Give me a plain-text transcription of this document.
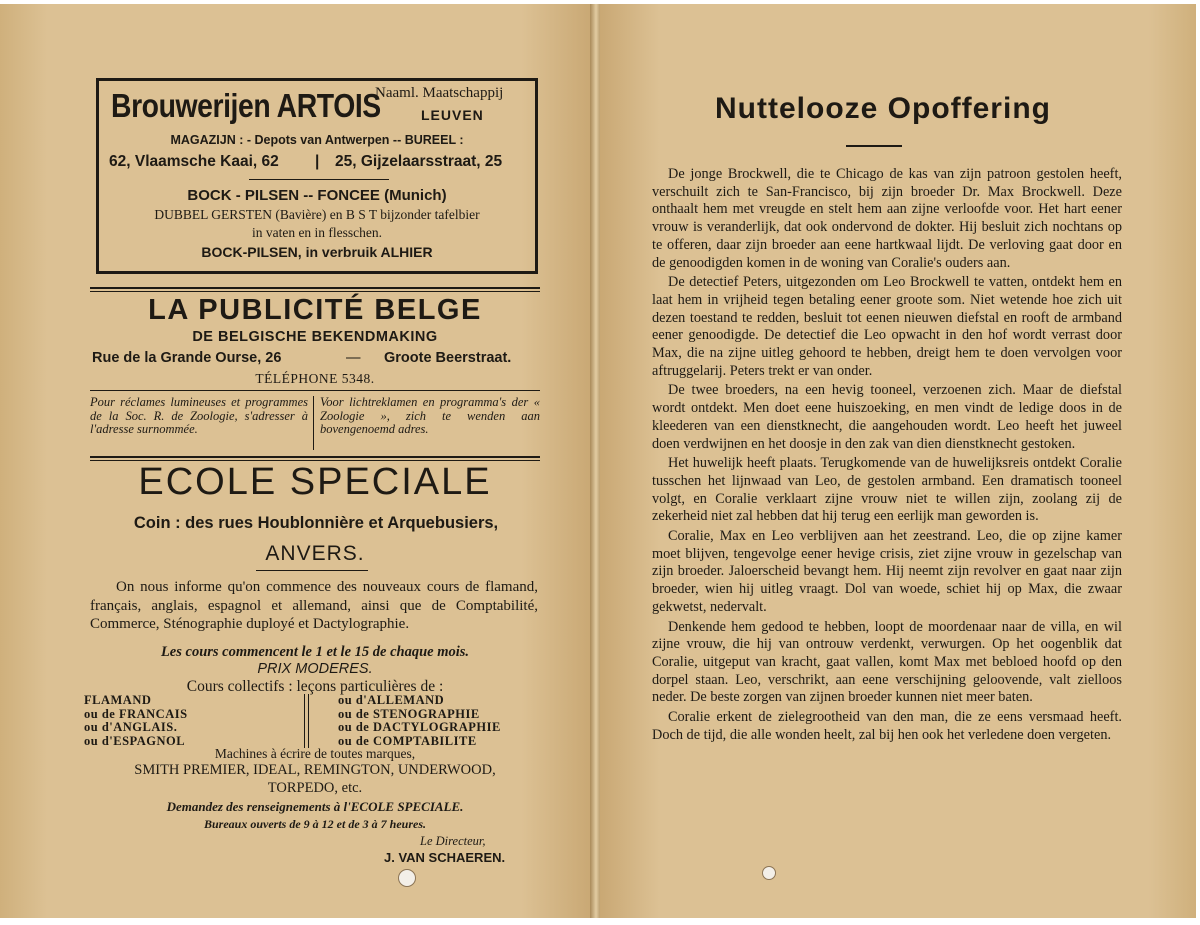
Brouwerijen ARTOIS
Naaml. Maatschappij
LEUVEN
MAGAZIJN : - Depots van Antwerpen -- BUREEL :
62, Vlaamsche Kaai, 62 | 25, Gijzelaarsstraat, 25
BOCK - PILSEN -- FONCEE (Munich)
DUBBEL GERSTEN (Bavière) en B S T bijzonder tafelbier
in vaten en in flesschen.
BOCK-PILSEN, in verbruik ALHIER
LA PUBLICITÉ BELGE
DE BELGISCHE BEKENDMAKING
Rue de la Grande Ourse, 26	— Groote Beerstraat.
TÉLÉPHONE 5348.
Pour réclames lumineuses et programmes de la Soc. R. de Zoologie, s'adresser à l'adresse surnommée.
Voor lichtreklamen en programma's der « Zoologie », zich te wenden aan bovengenoemd adres.
ECOLE SPECIALE
Coin : des rues Houblonnière et Arquebusiers,
ANVERS.
On nous informe qu'on commence des nouveaux cours de flamand, français, anglais, espagnol et allemand, ainsi que de Comptabilité, Commerce, Sténographie duployé et Dactylographie.
Les cours commencent le 1 et le 15 de chaque mois.
PRIX MODERES.
Cours collectifs : leçons particulières de :
FLAMAND
ou de FRANCAIS
ou d'ANGLAIS.
ou d'ESPAGNOL
ou d'ALLEMAND
ou de STENOGRAPHIE
ou de DACTYLOGRAPHIE
ou de COMPTABILITE
Machines à écrire de toutes marques,
SMITH PREMIER, IDEAL, REMINGTON, UNDERWOOD,
TORPEDO, etc.
Demandez des renseignements à l'ECOLE SPECIALE.
Bureaux ouverts de 9 à 12 et de 3 à 7 heures.
Le Directeur,
J. VAN SCHAEREN.
Nuttelooze Opoffering

De jonge Brockwell, die te Chicago de kas van zijn patroon gestolen heeft, verschuilt zich te San-Francisco, bij zijn broeder Dr. Max Brockwell. Deze onthaalt hem met vreugde en stelt hem aan zijne verloofde voor. Het hart eener vrouw is veranderlijk, dat ook ondervond de dokter. Hij besluit zich nochtans op te offeren, daar zijn broeder aan eene hartkwaal lijdt. De verloving gaat door en de genoodigden komen in de woning van Coralie's ouders aan.

De detectief Peters, uitgezonden om Leo Brockwell te vatten, ontdekt hem en laat hem in vrijheid tegen betaling eener groote som. Niet wetende hoe zich uit dezen toestand te redden, besluit tot eenen nieuwen diefstal en rooft de armband eener genoodigde. De detectief die Leo opwacht in den hof wordt verrast door Max, die na zijne uitleg gehoord te hebben, dreigt hem te doen vervolgen voor aftruggelarij. Peters trekt er van onder.

De twee broeders, na een hevig tooneel, verzoenen zich. Maar de diefstal wordt ontdekt. Men doet eene huiszoeking, en men vindt de ledige doos in de kleederen van een dienstknecht, die aangehouden wordt. Leo heeft het juweel doen verdwijnen en het doosje in den zak van dien dienstknecht gestoken.

Het huwelijk heeft plaats. Terugkomende van de huwelijksreis ontdekt Coralie tusschen het lijnwaad van Leo, de gestolen armband. Een dramatisch tooneel volgt, en Coralie verklaart zijne vrouw niet te willen zijn, zoolang zij de zekerheid niet zal hebben dat hij terug een eerlijk man geworden is.

Coralie, Max en Leo verblijven aan het zeestrand. Leo, die op zijne kamer moet blijven, tengevolge eener hevige crisis, ziet zijne vrouw in gezelschap van zijn broeder. Jaloerscheid bevangt hem. Hij neemt zijn revolver en gaat naar zijn broeder, wien hij uitleg vraagt. Dol van woede, schiet hij op Max, die zwaar gekwetst, nedervalt.

Denkende hem gedood te hebben, loopt de moordenaar naar de villa, en wil zijne vrouw, die hij van ontrouw verdenkt, verwurgen. Op het oogenblik dat Coralie, uitgeput van kracht, gaat vallen, komt Max met bebloed hoofd op den dorpel staan. Leo, verschrikt, aan eene verschijning geloovende, valt zielloos neder. De beste zorgen van zijnen broeder kunnen niet meer baten.

Coralie erkent de zielegrootheid van den man, die ze eens versmaad heeft. Doch de tijd, die alle wonden heelt, zal bij hen ook het verledene doen vergeten.
